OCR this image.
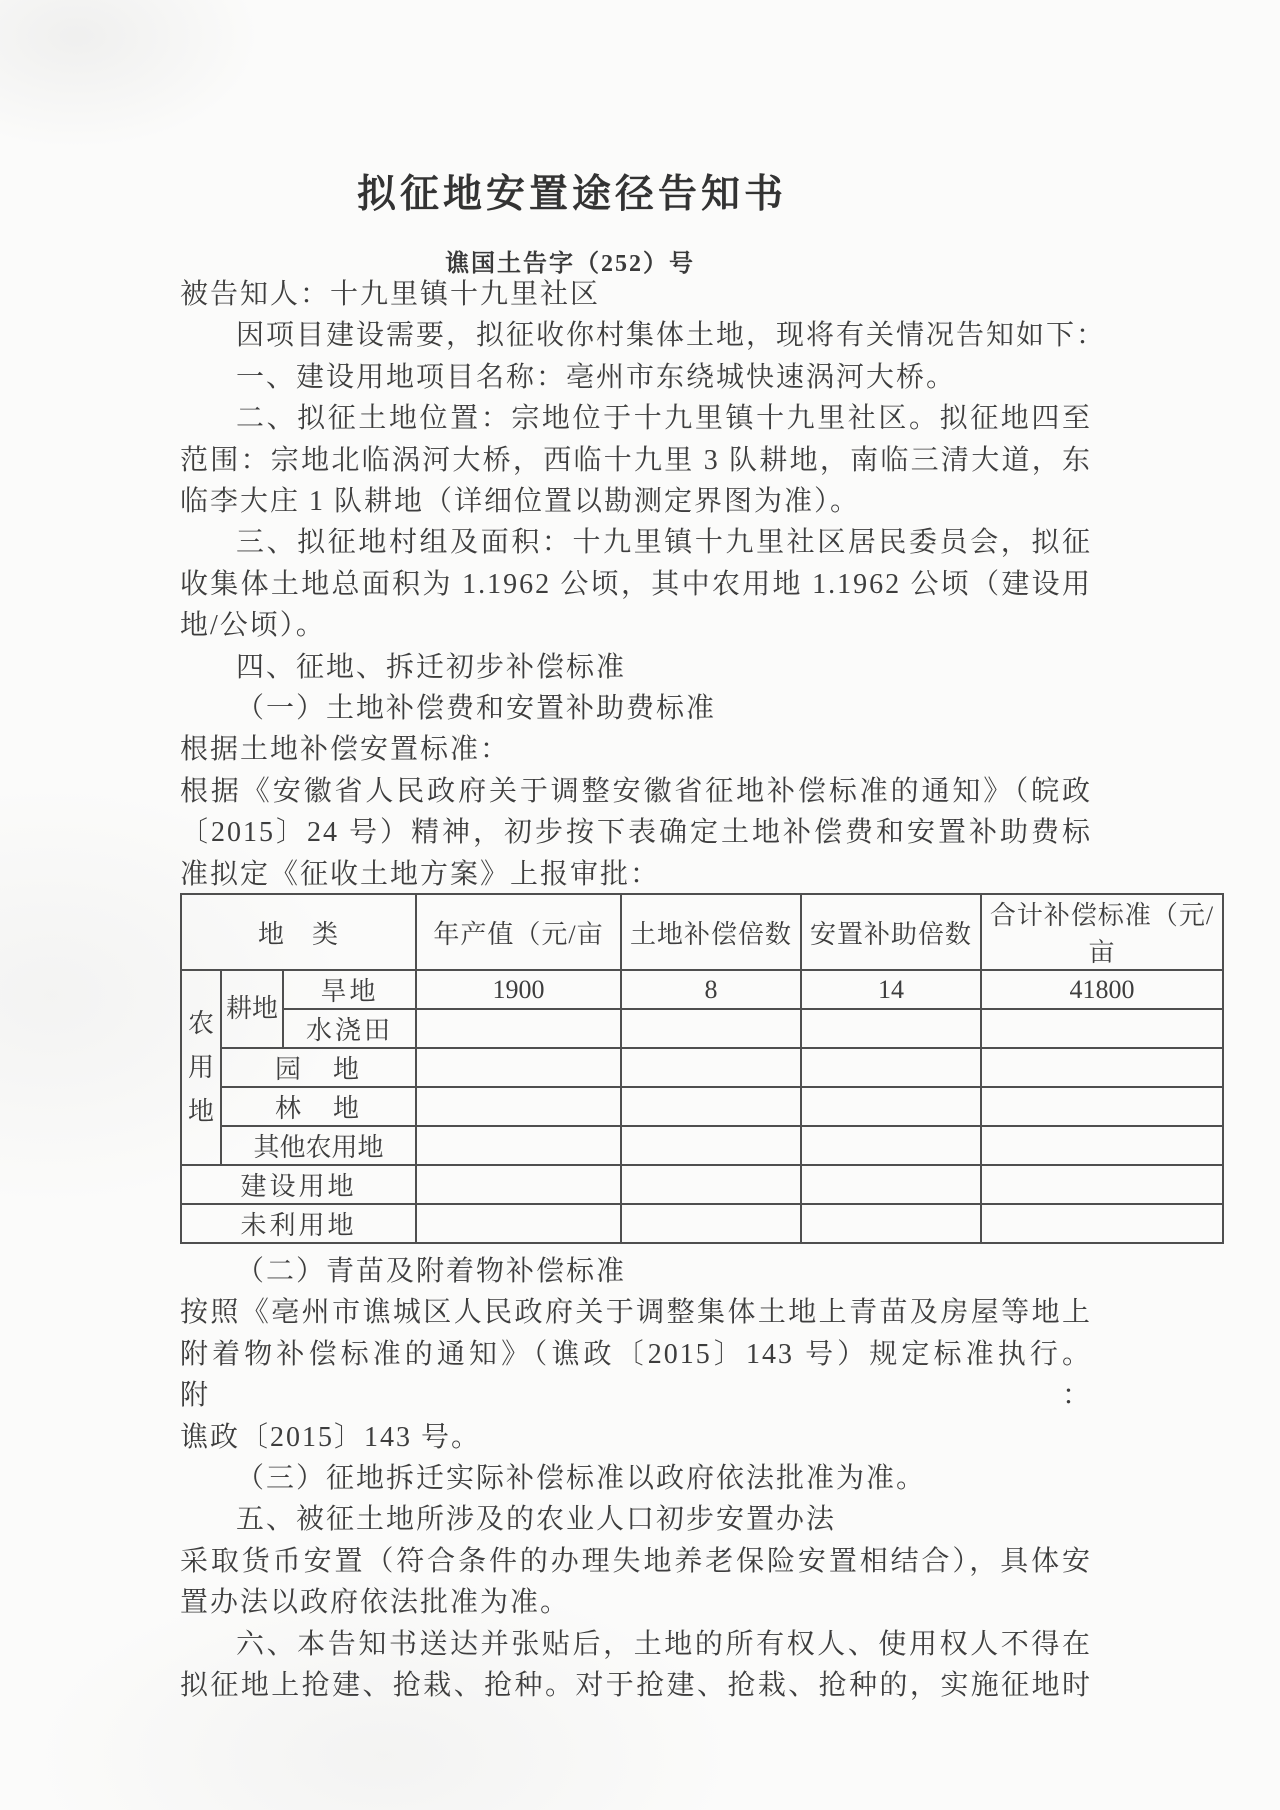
拟征地安置途径告知书
谯国土告字（252）号
被告知人：十九里镇十九里社区
因项目建设需要，拟征收你村集体土地，现将有关情况告知如下：
一、建设用地项目名称：亳州市东绕城快速涡河大桥。
二、拟征土地位置：宗地位于十九里镇十九里社区。拟征地四至
范围：宗地北临涡河大桥，西临十九里 3 队耕地，南临三清大道，东
临李大庄 1 队耕地（详细位置以勘测定界图为准）。
三、拟征地村组及面积：十九里镇十九里社区居民委员会，拟征
收集体土地总面积为 1.1962 公顷，其中农用地 1.1962 公顷（建设用
地/公顷）。
四、征地、拆迁初步补偿标准
（一）土地补偿费和安置补助费标准
根据土地补偿安置标准：
根据《安徽省人民政府关于调整安徽省征地补偿标准的通知》（皖政
〔2015〕24 号）精神，初步按下表确定土地补偿费和安置补助费标
准拟定《征收土地方案》上报审批：
地　类			年产值（元/亩	土地补偿倍数	安置补助倍数	合计补偿标准（元/亩
农用地	耕地	旱地	1900	8	14	41800
		水浇田				
	园　地					
	林　地					
	其他农用地					
建设用地						
未利用地						
（二）青苗及附着物补偿标准
按照《亳州市谯城区人民政府关于调整集体土地上青苗及房屋等地上
附着物补偿标准的通知》（谯政〔2015〕143 号）规定标准执行。附：
谯政〔2015〕143 号。
（三）征地拆迁实际补偿标准以政府依法批准为准。
五、被征土地所涉及的农业人口初步安置办法
采取货币安置（符合条件的办理失地养老保险安置相结合），具体安
置办法以政府依法批准为准。
六、本告知书送达并张贴后，土地的所有权人、使用权人不得在
拟征地上抢建、抢栽、抢种。对于抢建、抢栽、抢种的，实施征地时
